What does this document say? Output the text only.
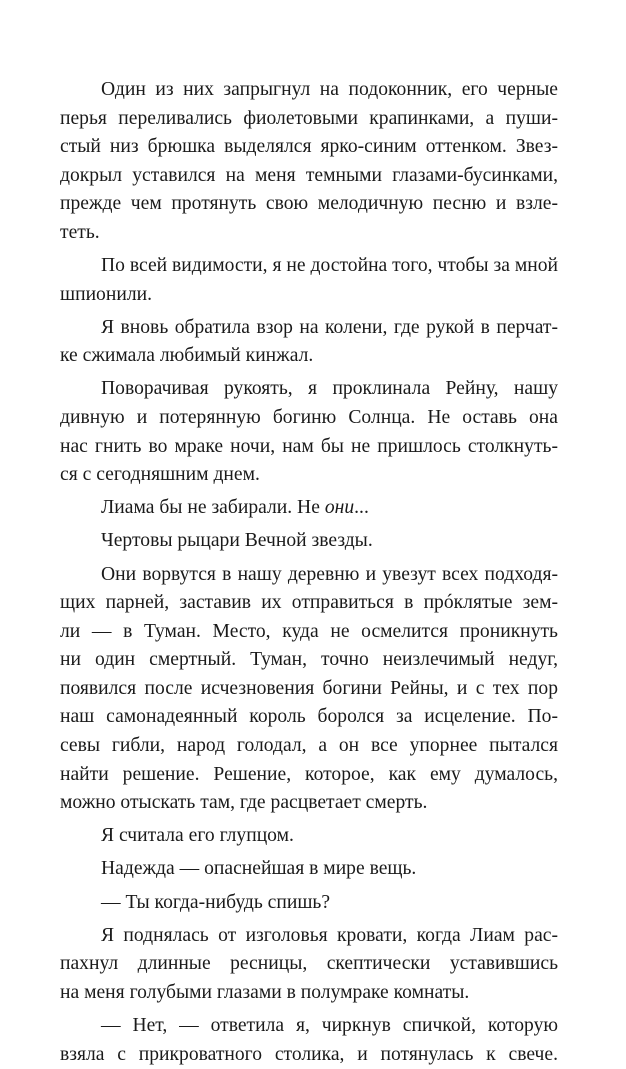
Один из них запрыгнул на подоконник, его черные
перья переливались фиолетовыми крапинками, а пуши-
стый низ брюшка выделялся ярко-синим оттенком. Звез-
докрыл уставился на меня темными глазами-бусинками,
прежде чем протянуть свою мелодичную песню и взле-
теть.
По всей видимости, я не достойна того, чтобы за мной
шпионили.
Я вновь обратила взор на колени, где рукой в перчат-
ке сжимала любимый кинжал.
Поворачивая рукоять, я проклинала Рейну, нашу
дивную и потерянную богиню Солнца. Не оставь она
нас гнить во мраке ночи, нам бы не пришлось столкнуть-
ся с сегодняшним днем.
Лиама бы не забирали. Не они...
Чертовы рыцари Вечной звезды.
Они ворвутся в нашу деревню и увезут всех подходя-
щих парней, заставив их отправиться в прóклятые зем-
ли — в Туман. Место, куда не осмелится проникнуть
ни один смертный. Туман, точно неизлечимый недуг,
появился после исчезновения богини Рейны, и с тех пор
наш самонадеянный король боролся за исцеление. По-
севы гибли, народ голодал, а он все упорнее пытался
найти решение. Решение, которое, как ему думалось,
можно отыскать там, где расцветает смерть.
Я считала его глупцом.
Надежда — опаснейшая в мире вещь.
— Ты когда-нибудь спишь?
Я поднялась от изголовья кровати, когда Лиам рас-
пахнул длинные ресницы, скептически уставившись
на меня голубыми глазами в полумраке комнаты.
— Нет, — ответила я, чиркнув спичкой, которую
взяла с прикроватного столика, и потянулась к свече.
